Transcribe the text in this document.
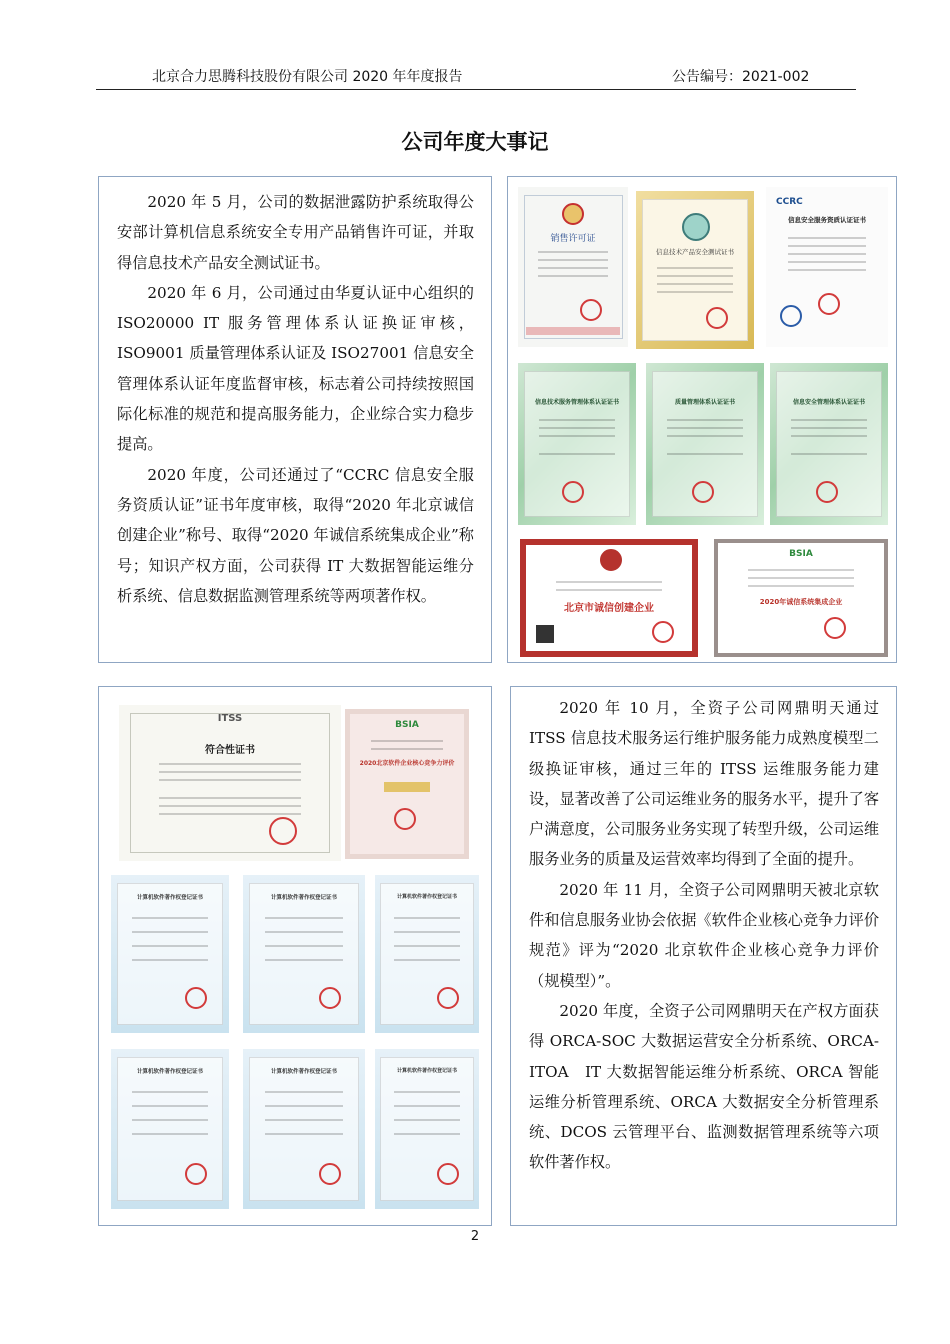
北京合力思腾科技股份有限公司 2020 年年度报告	公告编号：2021-002
公司年度大事记

2020 年 5 月，公司的数据泄露防护系统取得公安部计算机信息系统安全专用产品销售许可证，并取得信息技术产品安全测试证书。

2020 年 6 月，公司通过由华夏认证中心组织的 ISO20000 IT 服务管理体系认证换证审核，ISO9001 质量管理体系认证及 ISO27001 信息安全管理体系认证年度监督审核，标志着公司持续按照国际化标准的规范和提高服务能力，企业综合实力稳步提高。

2020 年度，公司还通过了“CCRC 信息安全服务资质认证”证书年度审核，取得“2020 年北京诚信创建企业”称号、取得“2020 年诚信系统集成企业”称号；知识产权方面，公司获得 IT 大数据智能运维分析系统、信息数据监测管理系统等两项著作权。

销售许可证
信息技术产品安全测试证书
CCRC
信息安全服务资质认证证书
信息技术服务管理体系认证证书	质量管理体系认证证书	信息安全管理体系认证证书
北京市诚信创建企业
BSIA
2020年诚信系统集成企业
ITSS
符合性证书
BSIA
2020北京软件企业核心竞争力评价
计算机软件著作权登记证书	计算机软件著作权登记证书	计算机软件著作权登记证书
计算机软件著作权登记证书	计算机软件著作权登记证书	计算机软件著作权登记证书

2020 年 10 月，全资子公司网鼎明天通过 ITSS 信息技术服务运行维护服务能力成熟度模型二级换证审核，通过三年的 ITSS 运维服务能力建设，显著改善了公司运维业务的服务水平，提升了客户满意度，公司服务业务实现了转型升级，公司运维服务业务的质量及运营效率均得到了全面的提升。

2020 年 11 月，全资子公司网鼎明天被北京软件和信息服务业协会依据《软件企业核心竞争力评价规范》评为“2020 北京软件企业核心竞争力评价（规模型）”。

2020 年度，全资子公司网鼎明天在产权方面获得 ORCA-SOC 大数据运营安全分析系统、ORCA-ITOA　IT 大数据智能运维分析系统、ORCA 智能运维分析管理系统、ORCA 大数据安全分析管理系统、DCOS 云管理平台、监测数据管理系统等六项软件著作权。

2
